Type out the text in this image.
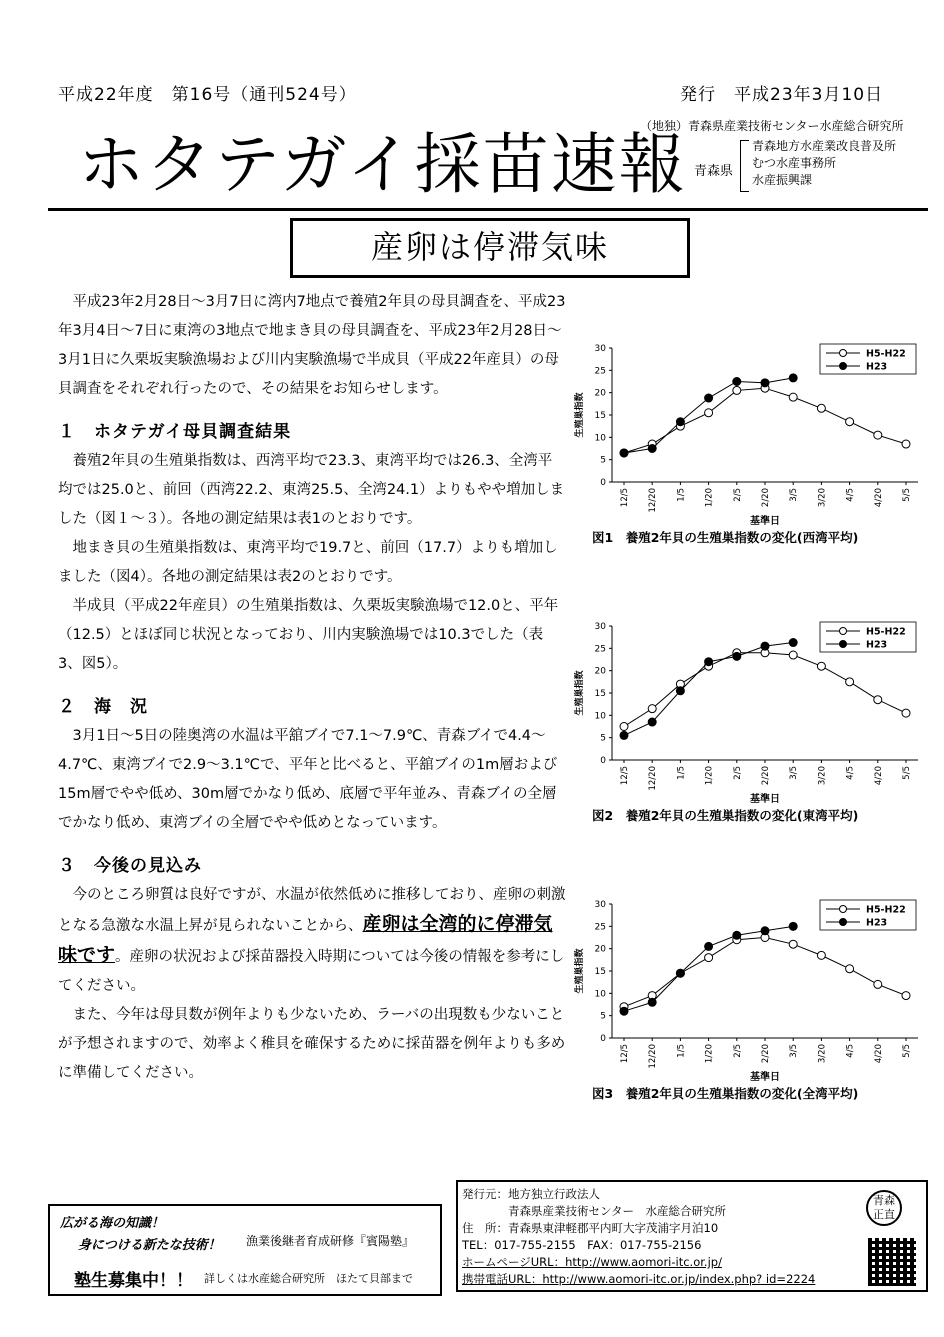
平成22年度　第16号（通刊524号）	発行　平成23年3月10日
ホタテガイ採苗速報
（地独）青森県産業技術センター水産総合研究所
青森県
青森地方水産業改良普及所
むつ水産事務所
水産振興課
産卵は停滞気味

平成23年2月28日～3月7日に湾内7地点で養殖2年貝の母貝調査を、平成23年3月4日～7日に東湾の3地点で地まき貝の母貝調査を、平成23年2月28日～3月1日に久栗坂実験漁場および川内実験漁場で半成貝（平成22年産貝）の母貝調査をそれぞれ行ったので、その結果をお知らせします。

１　ホタテガイ母貝調査結果

養殖2年貝の生殖巣指数は、西湾平均で23.3、東湾平均では26.3、全湾平均では25.0と、前回（西湾22.2、東湾25.5、全湾24.1）よりもやや増加しました（図１～３）。各地の測定結果は表1のとおりです。

地まき貝の生殖巣指数は、東湾平均で19.7と、前回（17.7）よりも増加しました（図4）。各地の測定結果は表2のとおりです。

半成貝（平成22年産貝）の生殖巣指数は、久栗坂実験漁場で12.0と、平年（12.5）とほぼ同じ状況となっており、川内実験漁場では10.3でした（表3、図5）。

２　海　況

3月1日～5日の陸奥湾の水温は平舘ブイで7.1～7.9℃、青森ブイで4.4～4.7℃、東湾ブイで2.9～3.1℃で、平年と比べると、平舘ブイの1m層および15m層でやや低め、30m層でかなり低め、底層で平年並み、青森ブイの全層でかなり低め、東湾ブイの全層でやや低めとなっています。

３　今後の見込み

今のところ卵質は良好ですが、水温が依然低めに推移しており、産卵の刺激となる急激な水温上昇が見られないことから、産卵は全湾的に停滞気味です。産卵の状況および採苗器投入時期については今後の情報を参考にしてください。

また、今年は母貝数が例年よりも少ないため、ラーバの出現数も少ないことが予想されますので、効率よく稚貝を確保するために採苗器を例年よりも多めに準備してください。

0
5
10
15
20
25
30
12/5 12/20 1/5 1/20 2/5 2/20 3/5 3/20 4/5 4/20 5/5
基準日
生殖巣指数
H5-H22
H23
図1　養殖2年貝の生殖巣指数の変化(西湾平均)
0
5
10
15
20
25
30
12/5 12/20 1/5 1/20 2/5 2/20 3/5 3/20 4/5 4/20 5/5
基準日
生殖巣指数
H5-H22
H23
図2　養殖2年貝の生殖巣指数の変化(東湾平均)
0
5
10
15
20
25
30
12/5 12/20 1/5 1/20 2/5 2/20 3/5 3/20 4/5 4/20 5/5
基準日
生殖巣指数
H5-H22
H23
図3　養殖2年貝の生殖巣指数の変化(全湾平均)
広がる海の知識！
身につける新たな技術！ 漁業後継者育成研修『賓陽塾』
塾生募集中！！ 詳しくは水産総合研究所　ほたて貝部まで
発行元：地方独立行政法人
　　　　青森県産業技術センター　水産総合研究所
住　所：青森県東津軽郡平内町大字茂浦字月泊10
TEL：017-755-2155　FAX：017-755-2156
ホームページURL：http://www.aomori-itc.or.jp/
携帯電話URL：http://www.aomori-itc.or.jp/index.php? id=2224
青森
正直
